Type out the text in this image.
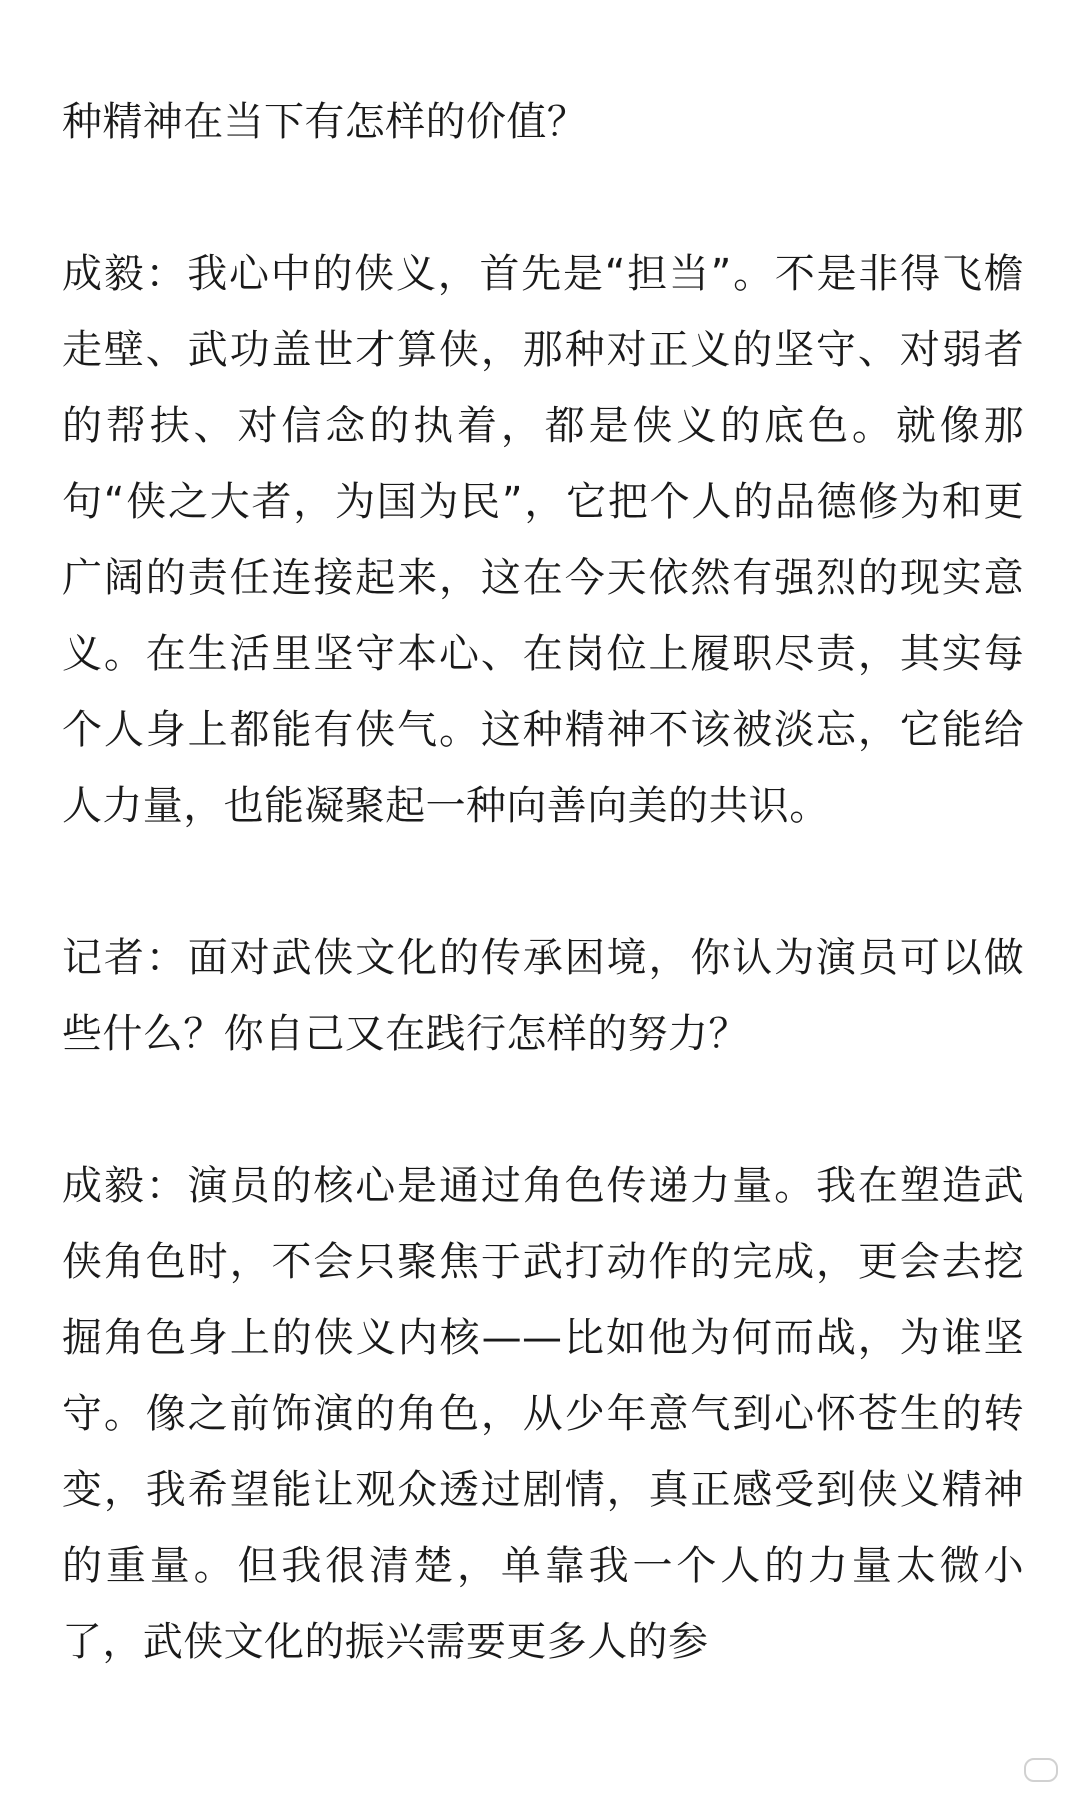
种精神在当下有怎样的价值？

成毅：我心中的侠义，首先是“担当”。不是非得飞檐走壁、武功盖世才算侠，那种对正义的坚守、对弱者的帮扶、对信念的执着，都是侠义的底色。就像那句“侠之大者，为国为民”，它把个人的品德修为和更广阔的责任连接起来，这在今天依然有强烈的现实意义。在生活里坚守本心、在岗位上履职尽责，其实每个人身上都能有侠气。这种精神不该被淡忘，它能给人力量，也能凝聚起一种向善向美的共识。

记者：面对武侠文化的传承困境，你认为演员可以做些什么？你自己又在践行怎样的努力？

成毅：演员的核心是通过角色传递力量。我在塑造武侠角色时，不会只聚焦于武打动作的完成，更会去挖掘角色身上的侠义内核——比如他为何而战，为谁坚守。像之前饰演的角色，从少年意气到心怀苍生的转变，我希望能让观众透过剧情，真正感受到侠义精神的重量。但我很清楚，单靠我一个人的力量太微小了，武侠文化的振兴需要更多人的参
